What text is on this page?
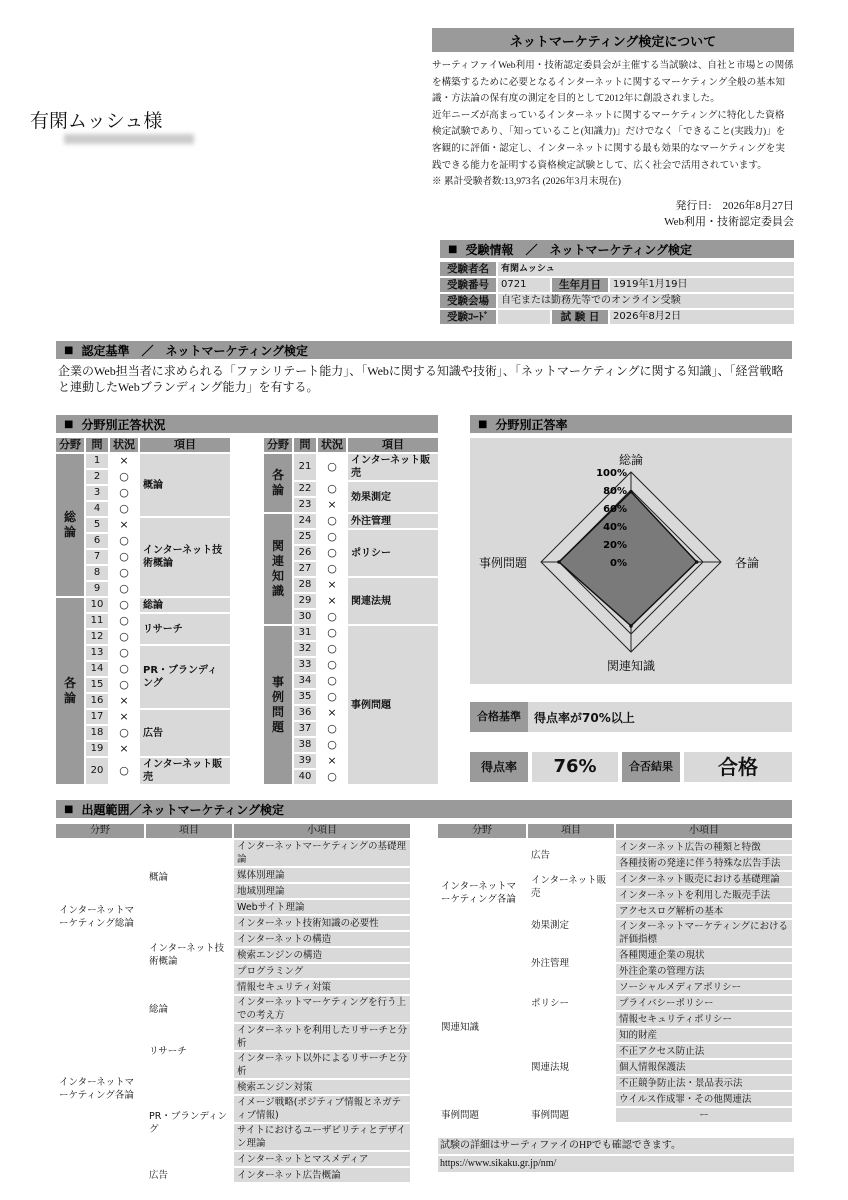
有閑ムッシュ様
ネットマーケティング検定について
サーティファイWeb利用・技術認定委員会が主催する当試験は、自社と市場との関係を構築するために必要となるインターネットに関するマーケティング全般の基本知識・方法論の保有度の測定を目的として2012年に創設されました。
近年ニーズが高まっているインターネットに関するマーケティングに特化した資格検定試験であり、「知っていること(知識力)」だけでなく「できること(実践力)」を客観的に評価・認定し、インターネットに関する最も効果的なマーケティングを実践できる能力を証明する資格検定試験として、広く社会で活用されています。
※ 累計受験者数:13,973名 (2026年3月末現在)
発行日:　 2026年8月27日
Web利用・技術認定委員会
■ 受験情報　／　ネットマーケティング検定
受験者名	有閑ムッシュ		
受験番号	0721	生年月日	1919年1月19日
受験会場	自宅または勤務先等でのオンライン受験		
受験ｺｰﾄﾞ		試 験 日	2026年8月2日
■ 認定基準　／　ネットマーケティング検定
企業のWeb担当者に求められる「ファシリテート能力」、「Webに関する知識や技術」、「ネットマーケティングに関する知識」、「経営戦略と連動したWebブランディング能力」を有する。
■ 分野別正答状況
分野	問	状況	項目
総論	1	×	概論
	2	○	
	3	○	
	4	○	
	5	×	インターネット技術概論
	6	○	
	7	○	
	8	○	
	9	○	
各論	10	○	総論
	11	○	リサーチ
	12	○	
	13	○	PR・ブランディング
	14	○	
	15	○	
	16	×	
	17	×	広告
	18	○	
	19	×	
	20	○	インターネット販売
分野	問	状況	項目
各論	21	○	インターネット販売
	22	○	効果測定
	23	×	
関連知識	24	○	外注管理
	25	○	ポリシー
	26	○	
	27	○	
	28	×	関連法規
	29	×	
	30	○	
事例問題	31	○	事例問題
	32	○	
	33	○	
	34	○	
	35	○	
	36	×	
	37	○	
	38	○	
	39	×	
	40	○	
■ 分野別正答率
100%
80%
60%
40%
20%
0%
総論
各論
関連知識
事例問題
合格基準	得点率が70%以上
得点率	76%	合否結果	合格
■ 出題範囲／ネットマーケティング検定
分野	項目	小項目
インターネットマーケティング総論	概論	インターネットマーケティングの基礎理論
		媒体別理論
		地域別理論
		Webサイト理論
	インターネット技術概論	インターネット技術知識の必要性
		インターネットの構造
		検索エンジンの構造
		プログラミング
		情報セキュリティ対策
インターネットマーケティング各論	総論	インターネットマーケティングを行う上での考え方
	リサーチ	インターネットを利用したリサーチと分析
		インターネット以外によるリサーチと分析
	PR・ブランディング	検索エンジン対策
		イメージ戦略(ポジティブ情報とネガティブ情報)
		サイトにおけるユーザビリティとデザイン理論
		インターネットとマスメディア
	広告	インターネット広告概論
分野	項目	小項目
インターネットマーケティング各論	広告	インターネット広告の種類と特徴
		各種技術の発達に伴う特殊な広告手法
	インターネット販売	インターネット販売における基礎理論
		インターネットを利用した販売手法
	効果測定	アクセスログ解析の基本
		インターネットマーケティングにおける評価指標
関連知識	外注管理	各種関連企業の現状
		外注企業の管理方法
	ポリシー	ソーシャルメディアポリシー
		プライバシーポリシー
		情報セキュリティポリシー
	関連法規	知的財産
		不正アクセス防止法
		個人情報保護法
		不正競争防止法・景品表示法
		ウイルス作成罪・その他関連法
事例問題	事例問題	ー
試験の詳細はサーティファイのHPでも確認できます。
https://www.sikaku.gr.jp/nm/
